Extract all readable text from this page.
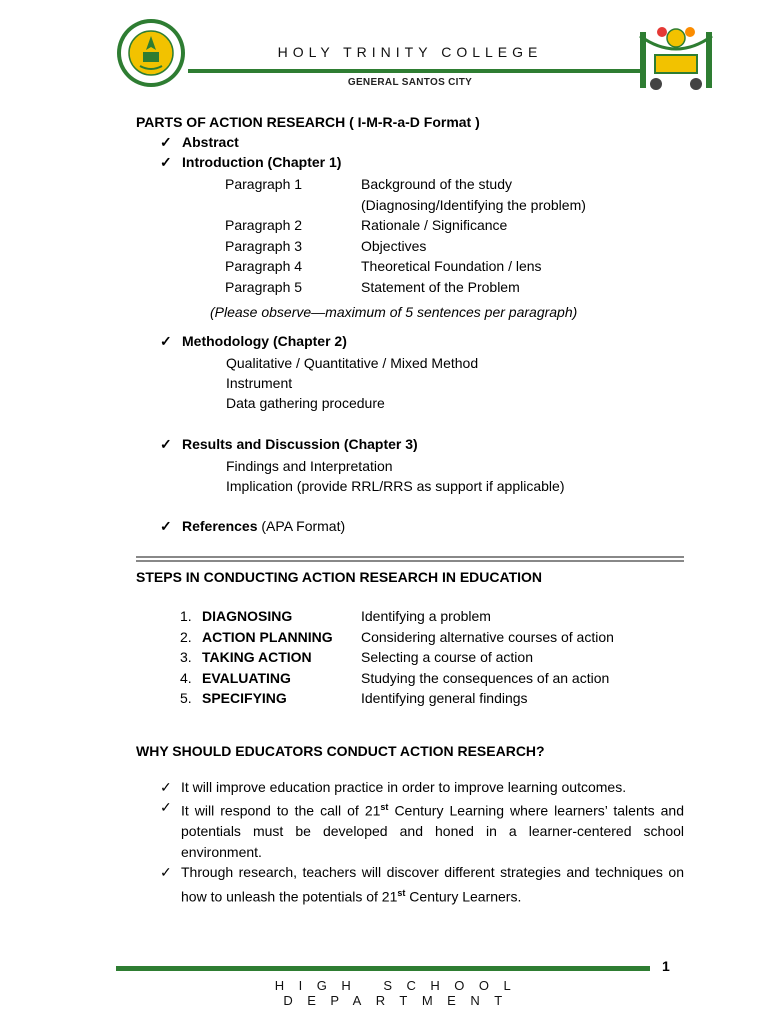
HOLY TRINITY COLLEGE
GENERAL SANTOS CITY
PARTS OF ACTION RESEARCH ( I-M-R-a-D Format )
✓ Abstract
✓ Introduction (Chapter 1)
Paragraph 1	Background of the study
(Diagnosing/Identifying the problem)
Paragraph 2	Rationale / Significance
Paragraph 3	Objectives
Paragraph 4	Theoretical Foundation / lens
Paragraph 5	Statement of the Problem
(Please observe—maximum of 5 sentences per paragraph)
✓ Methodology (Chapter 2)
Qualitative / Quantitative / Mixed Method
Instrument
Data gathering procedure
✓ Results and Discussion (Chapter 3)
Findings and Interpretation
Implication (provide RRL/RRS as support if applicable)
✓ References (APA Format)
STEPS IN CONDUCTING ACTION RESEARCH IN EDUCATION
1. DIAGNOSING	Identifying a problem
2. ACTION PLANNING	Considering alternative courses of action
3. TAKING ACTION	Selecting a course of action
4. EVALUATING	Studying the consequences of an action
5. SPECIFYING	Identifying general findings
WHY SHOULD EDUCATORS CONDUCT ACTION RESEARCH?
✓ It will improve education practice in order to improve learning outcomes.
✓ It will respond to the call of 21st Century Learning where learners’ talents and potentials must be developed and honed in a learner-centered school environment.
✓ Through research, teachers will discover different strategies and techniques on how to unleash the potentials of 21st Century Learners.
1
HIGH SCHOOL DEPARTMENT
